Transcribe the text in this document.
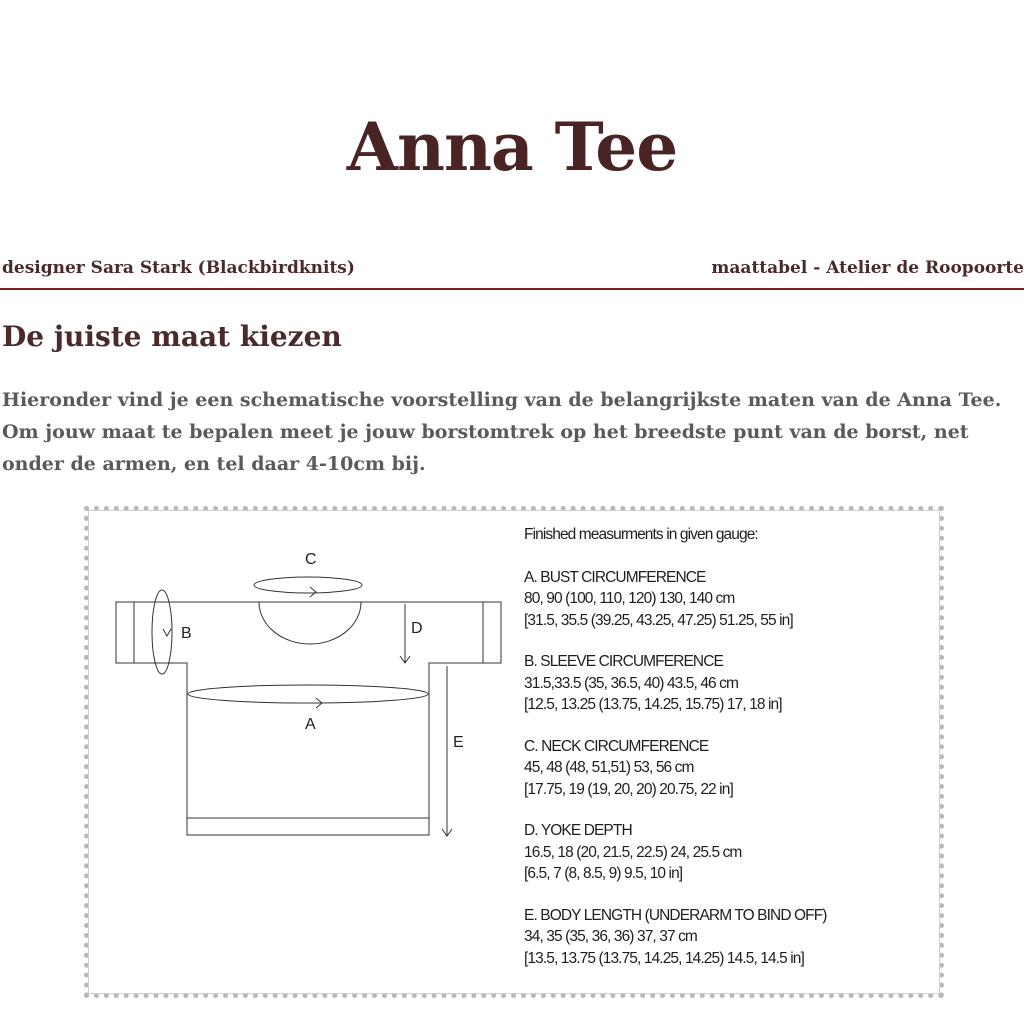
Anna Tee
designer Sara Stark (Blackbirdknits)	maattabel - Atelier de Roopoorte
De juiste maat kiezen
Hieronder vind je een schematische voorstelling van de belangrijkste maten van de Anna Tee.
Om jouw maat te bepalen meet je jouw borstomtrek op het breedste punt van de borst, net
onder de armen, en tel daar 4-10cm bij.
C
B	D
A
E
Finished measurments in given gauge:
A. BUST CIRCUMFERENCE
80, 90 (100, 110, 120) 130, 140 cm
[31.5, 35.5 (39.25, 43.25, 47.25) 51.25, 55 in]
B. SLEEVE CIRCUMFERENCE
31.5,33.5 (35, 36.5, 40) 43.5, 46 cm
[12.5, 13.25 (13.75, 14.25, 15.75) 17, 18 in]
C. NECK CIRCUMFERENCE
45, 48 (48, 51,51) 53, 56 cm
[17.75, 19 (19, 20, 20) 20.75, 22 in]
D. YOKE DEPTH
16.5, 18 (20, 21.5, 22.5) 24, 25.5 cm
[6.5, 7 (8, 8.5, 9) 9.5, 10 in]
E. BODY LENGTH (UNDERARM TO BIND OFF)
34, 35 (35, 36, 36) 37, 37 cm
[13.5, 13.75 (13.75, 14.25, 14.25) 14.5, 14.5 in]
